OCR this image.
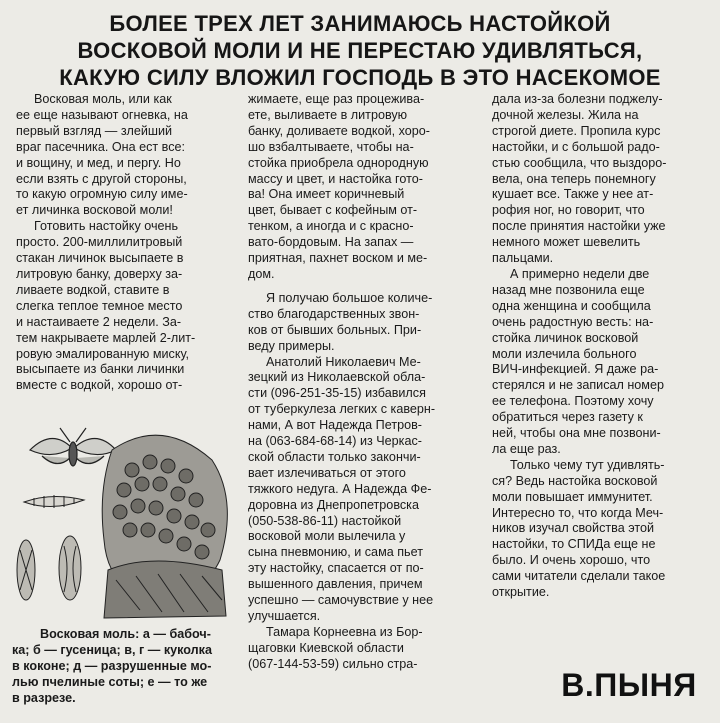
БОЛЕЕ ТРЕХ ЛЕТ ЗАНИМАЮСЬ НАСТОЙКОЙ
ВОСКОВОЙ МОЛИ И НЕ ПЕРЕСТАЮ УДИВЛЯТЬСЯ,
КАКУЮ СИЛУ ВЛОЖИЛ ГОСПОДЬ В ЭТО НАСЕКОМОЕ
Восковая моль, или как
ее еще называют огневка, на
первый взгляд — злейший
враг пасечника. Она ест все:
и вощину, и мед, и пергу. Но
если взять с другой стороны,
то какую огромную силу име-
ет личинка восковой моли!
Готовить настойку очень
просто. 200-миллилитровый
стакан личинок высыпаете в
литровую банку, доверху за-
ливаете водкой, ставите в
слегка теплое темное место
и настаиваете 2 недели. За-
тем накрываете марлей 2-лит-
ровую эмалированную миску,
высыпаете из банки личинки
вместе с водкой, хорошо от-
Восковая моль: а — бабоч-
ка; б — гусеница; в, г — куколка
в коконе; д — разрушенные мо-
лью пчелиные соты; е — то же
в разрезе.
жимаете, еще раз процежива-
ете, выливаете в литровую
банку, доливаете водкой, хоро-
шо взбалтываете, чтобы на-
стойка приобрела однородную
массу и цвет, и настойка гото-
ва! Она имеет коричневый
цвет, бывает с кофейным от-
тенком, а иногда и с красно-
вато-бордовым. На запах —
приятная, пахнет воском и ме-
дом.
Я получаю большое количе-
ство благодарственных звон-
ков от бывших больных. При-
веду примеры.
Анатолий Николаевич Ме-
зецкий из Николаевской обла-
сти (096-251-35-15) избавился
от туберкулеза легких с каверн-
нами, А вот Надежда Петров-
на (063-684-68-14) из Черкас-
ской области только закончи-
вает излечиваться от этого
тяжкого недуга. А Надежда Фе-
доровна из Днепропетровска
(050-538-86-11) настойкой
восковой моли вылечила у
сына пневмонию, и сама пьет
эту настойку, спасается от по-
вышенного давления, причем
успешно — самочувствие у нее
улучшается.
Тамара Корнеевна из Бор-
щаговки Киевской области
(067-144-53-59) сильно стра-
дала из-за болезни поджелу-
дочной железы. Жила на
строгой диете. Пропила курс
настойки, и с большой радо-
стью сообщила, что выздоро-
вела, она теперь понемногу
кушает все. Также у нее ат-
рофия ног, но говорит, что
после принятия настойки уже
немного может шевелить
пальцами.
А примерно недели две
назад мне позвонила еще
одна женщина и сообщила
очень радостную весть: на-
стойка личинок восковой
моли излечила больного
ВИЧ-инфекцией. Я даже ра-
стерялся и не записал номер
ее телефона. Поэтому хочу
обратиться через газету к
ней, чтобы она мне позвони-
ла еще раз.
Только чему тут удивлять-
ся? Ведь настойка восковой
моли повышает иммунитет.
Интересно то, что когда Меч-
ников изучал свойства этой
настойки, то СПИДа еще не
было. И очень хорошо, что
сами читатели сделали такое
открытие.
В.ПЫНЯ
